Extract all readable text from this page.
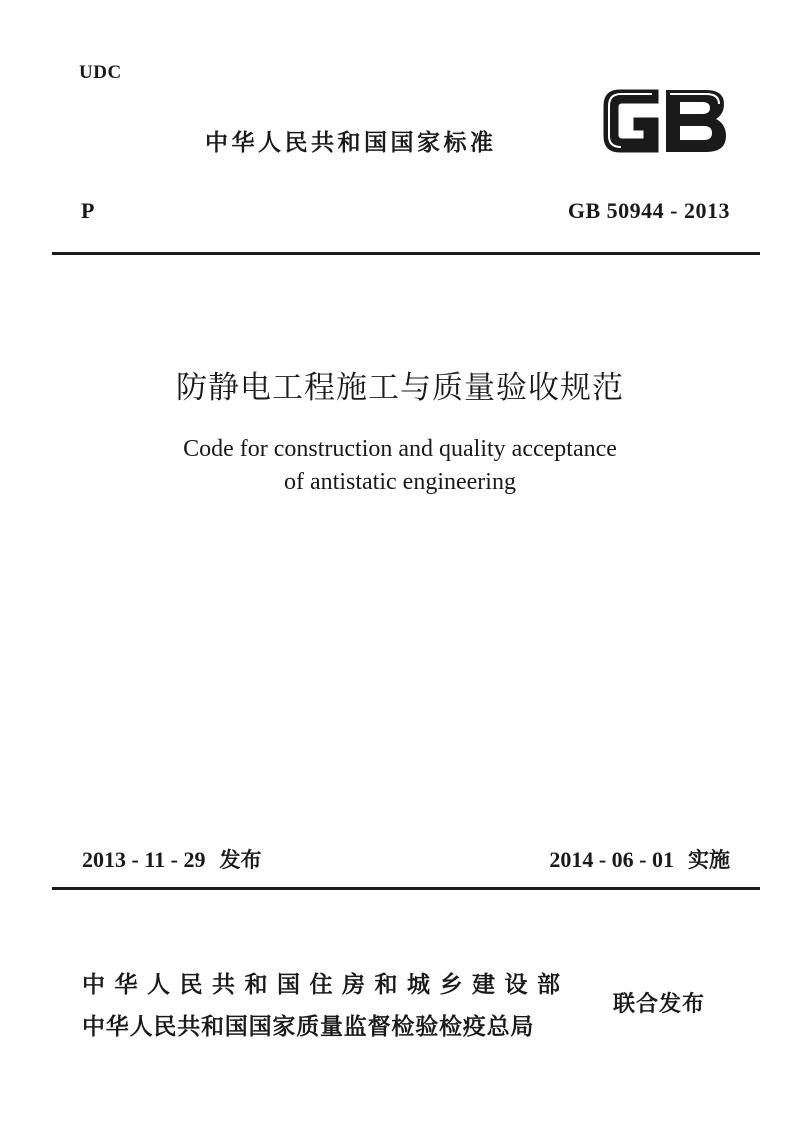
UDC
中华人民共和国国家标准
P	GB 50944 - 2013
防静电工程施工与质量验收规范
Code for construction and quality acceptance
of antistatic engineering
2013 - 11 - 29 发布	2014 - 06 - 01 实施
中华人民共和国住房和城乡建设部
中华人民共和国国家质量监督检验检疫总局
联合发布
